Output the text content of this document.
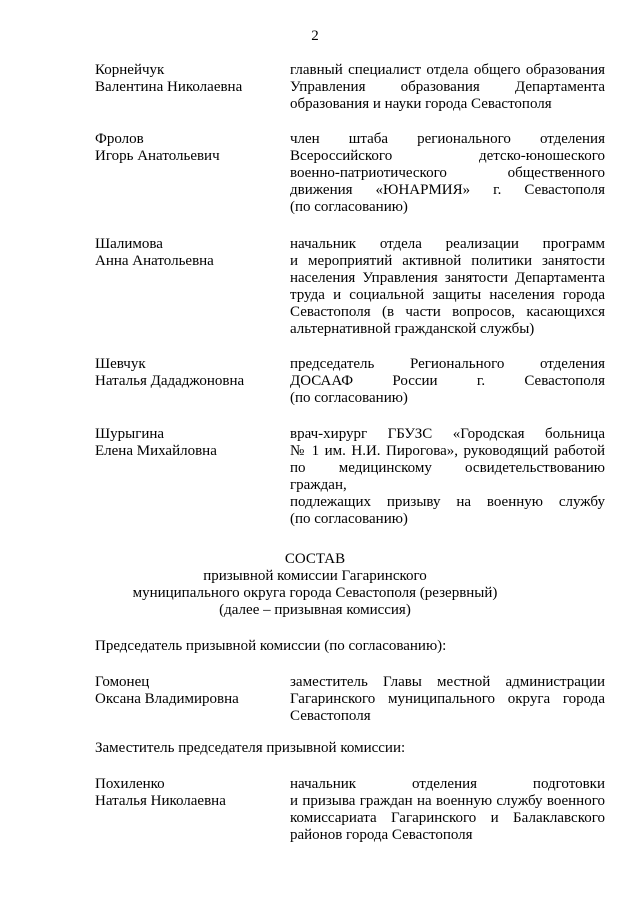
2
Корнейчук
Валентина Николаевна
главный специалист отдела общего образования
Управления образования Департамента
образования и науки города Севастополя
Фролов
Игорь Анатольевич
член штаба регионального отделения
Всероссийского детско-юношеского
военно-патриотического общественного
движения «ЮНАРМИЯ» г. Севастополя
(по согласованию)
Шалимова
Анна Анатольевна
начальник отдела реализации программ
и мероприятий активной политики занятости
населения Управления занятости Департамента
труда и социальной защиты населения города
Севастополя (в части вопросов, касающихся
альтернативной гражданской службы)
Шевчук
Наталья Дададжоновна
председатель Регионального отделения
ДОСААФ России г. Севастополя
(по согласованию)
Шурыгина
Елена Михайловна
врач-хирург ГБУЗС «Городская больница
№ 1 им. Н.И. Пирогова», руководящий работой
по медицинскому освидетельствованию граждан,
подлежащих призыву на военную службу
(по согласованию)
СОСТАВ
призывной комиссии Гагаринского
муниципального округа города Севастополя (резервный)
(далее – призывная комиссия)
Председатель призывной комиссии (по согласованию):
Гомонец
Оксана Владимировна
заместитель Главы местной администрации
Гагаринского муниципального округа города
Севастополя
Заместитель председателя призывной комиссии:
Похиленко
Наталья Николаевна
начальник отделения подготовки
и призыва граждан на военную службу военного
комиссариата Гагаринского и Балаклавского
районов города Севастополя
